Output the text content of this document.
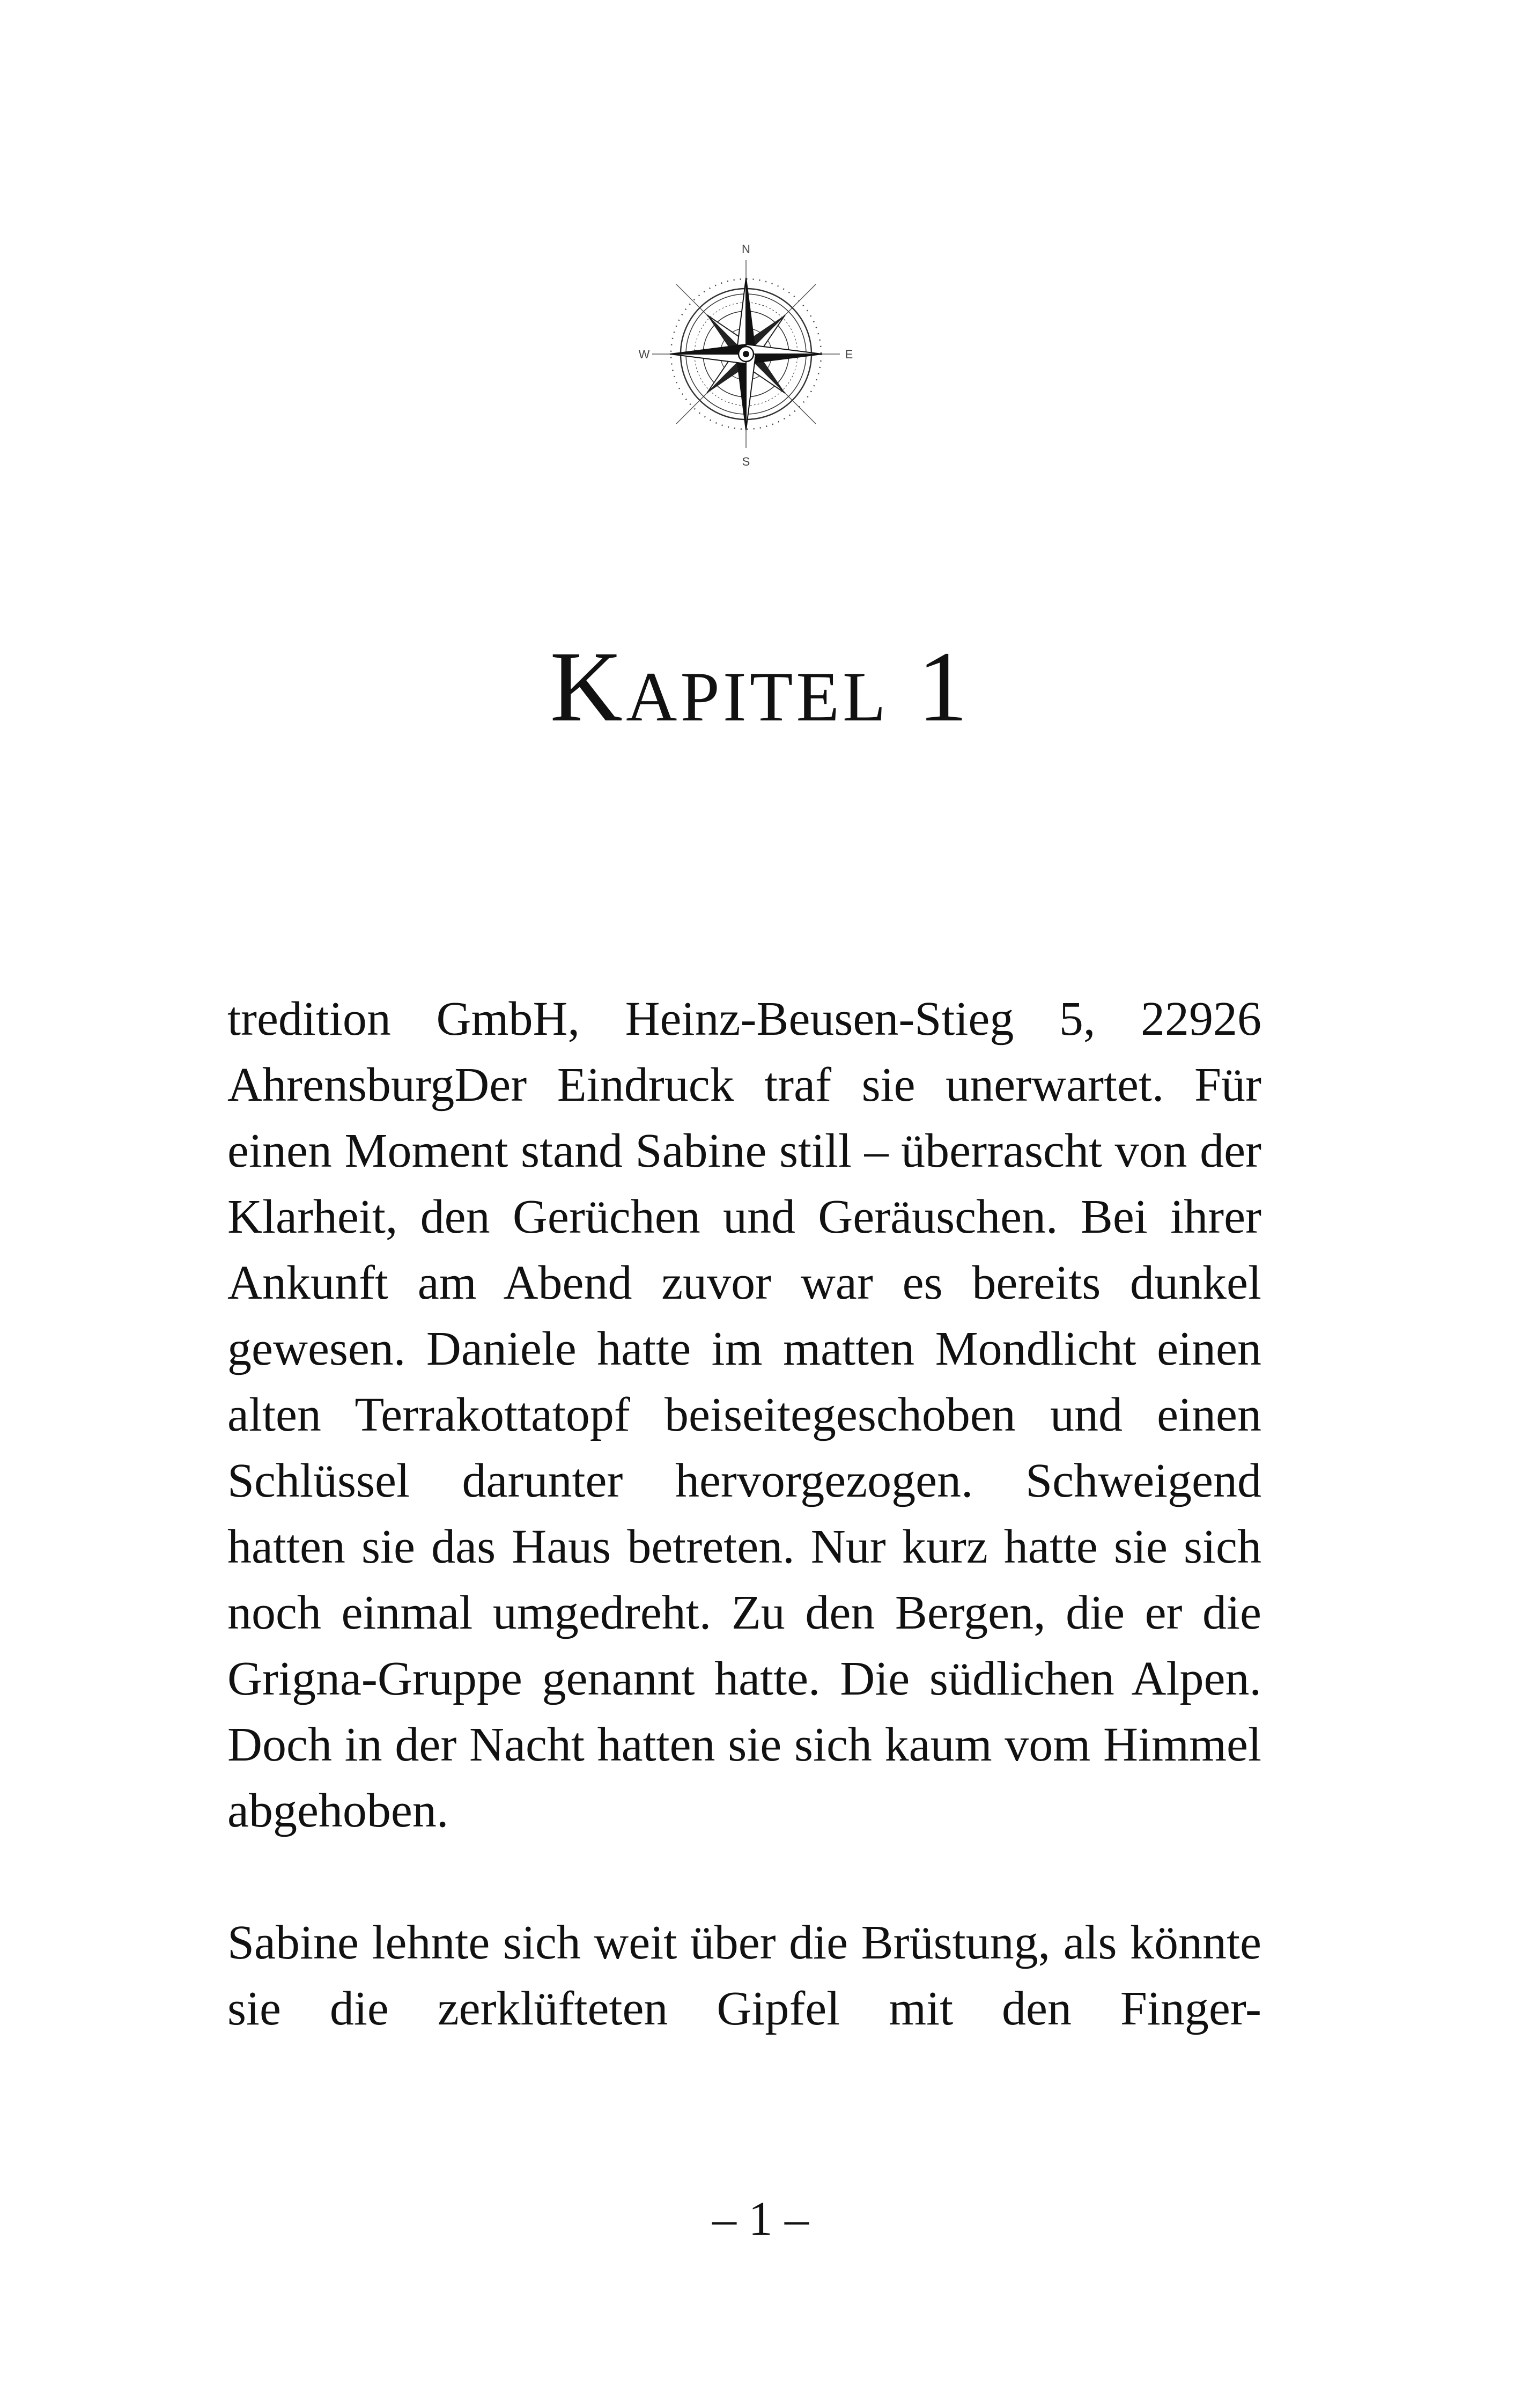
N
E
S
W
Kapitel 1

tredition GmbH, Heinz-Beusen-Stieg 5, 22926 AhrensburgDer Eindruck traf sie unerwartet. Für einen Moment stand Sabine still – überrascht von der Klarheit, den Gerüchen und Geräuschen. Bei ihrer Ankunft am Abend zuvor war es bereits dunkel gewesen. Daniele hatte im matten Mondlicht einen alten Terrakottatopf beiseitegeschoben und einen Schlüssel darunter hervorgezogen. Schweigend hatten sie das Haus betreten. Nur kurz hatte sie sich noch einmal umgedreht. Zu den Bergen, die er die Grigna-Gruppe genannt hatte. Die südlichen Alpen. Doch in der Nacht hatten sie sich kaum vom Himmel abgehoben.

Sabine lehnte sich weit über die Brüstung, als könnte sie die zerklüfteten Gipfel mit den Finger-

– 1 –
